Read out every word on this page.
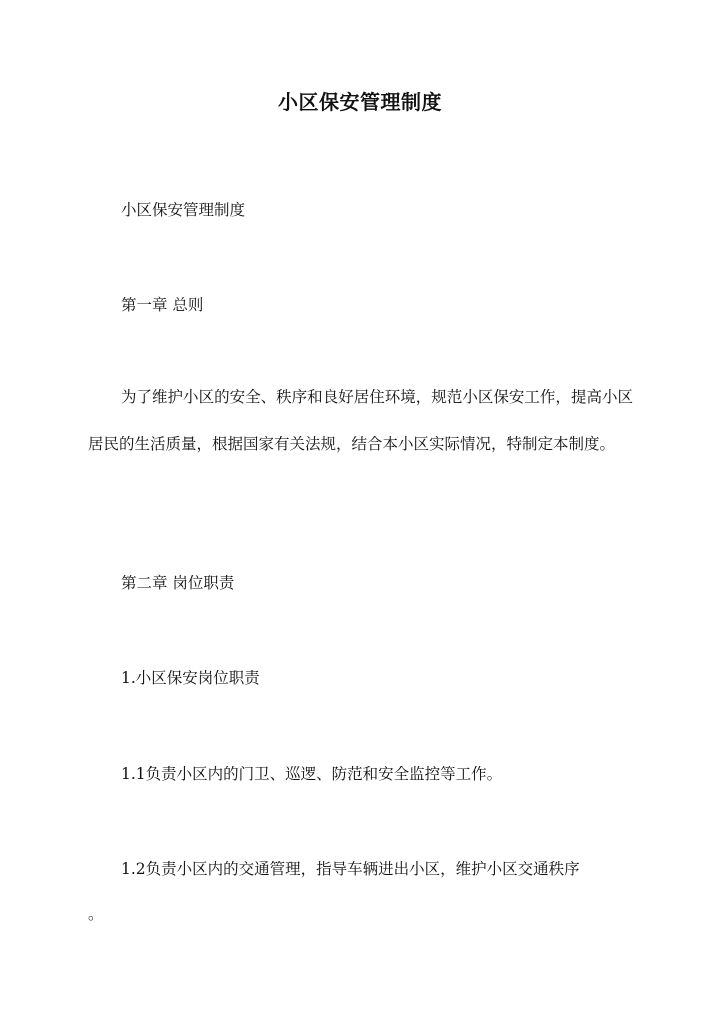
小区保安管理制度
小区保安管理制度
第一章 总则
为了维护小区的安全、秩序和良好居住环境，规范小区保安工作，提高小区居民的生活质量，根据国家有关法规，结合本小区实际情况，特制定本制度。
第二章 岗位职责
1.小区保安岗位职责
1.1负责小区内的门卫、巡逻、防范和安全监控等工作。
1.2负责小区内的交通管理，指导车辆进出小区，维护小区交通秩序
。
